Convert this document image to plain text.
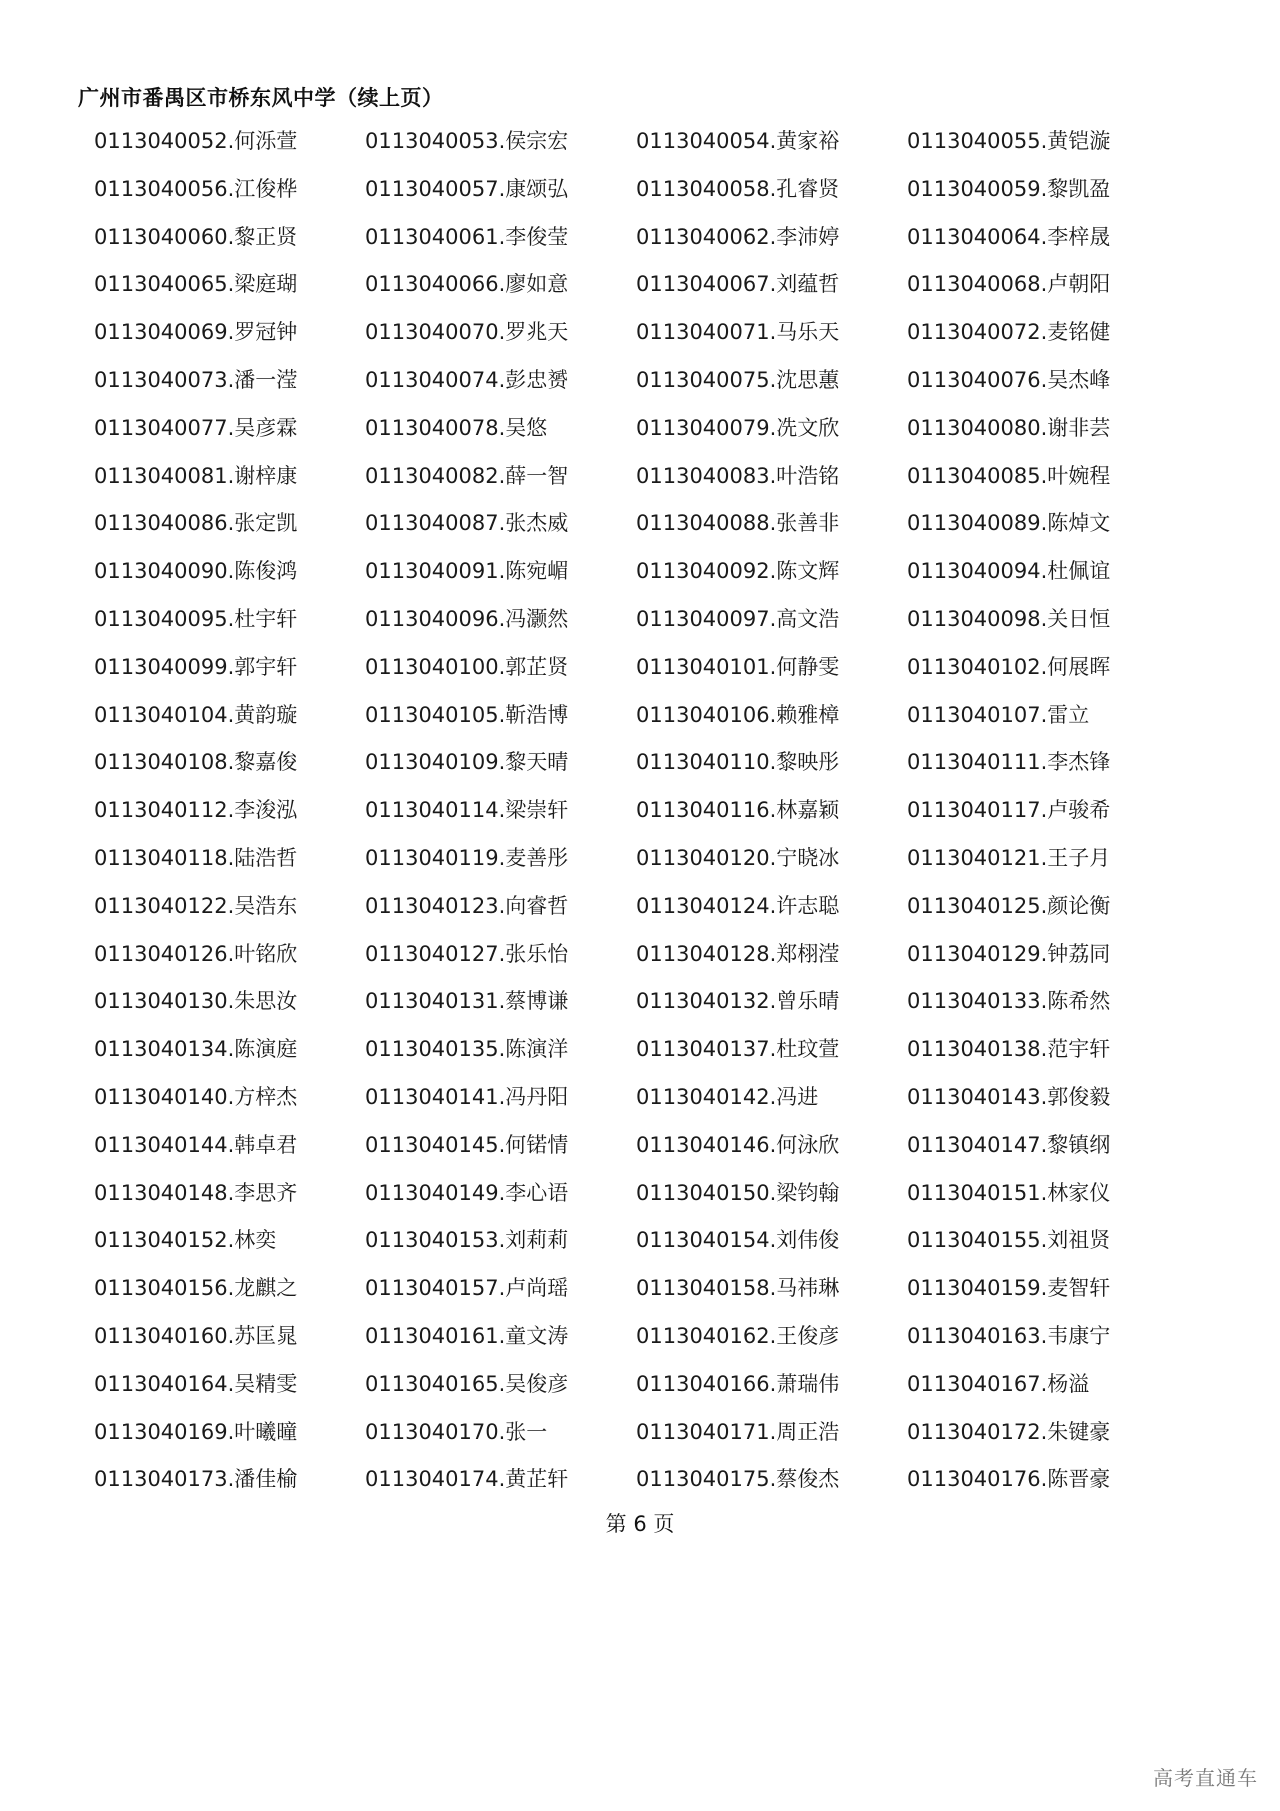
广州市番禺区市桥东风中学（续上页）
0113040052.何泺萱	0113040053.侯宗宏	0113040054.黄家裕	0113040055.黄铠漩
0113040056.江俊桦	0113040057.康颂弘	0113040058.孔睿贤	0113040059.黎凯盈
0113040060.黎正贤	0113040061.李俊莹	0113040062.李沛婷	0113040064.李梓晟
0113040065.梁庭瑚	0113040066.廖如意	0113040067.刘蕴哲	0113040068.卢朝阳
0113040069.罗冠钟	0113040070.罗兆天	0113040071.马乐天	0113040072.麦铭健
0113040073.潘一滢	0113040074.彭忠赟	0113040075.沈思蕙	0113040076.吴杰峰
0113040077.吴彦霖	0113040078.吴悠	0113040079.冼文欣	0113040080.谢非芸
0113040081.谢梓康	0113040082.薛一智	0113040083.叶浩铭	0113040085.叶婉程
0113040086.张定凯	0113040087.张杰威	0113040088.张善非	0113040089.陈焯文
0113040090.陈俊鸿	0113040091.陈宛嵋	0113040092.陈文辉	0113040094.杜佩谊
0113040095.杜宇轩	0113040096.冯灏然	0113040097.高文浩	0113040098.关日恒
0113040099.郭宇轩	0113040100.郭芷贤	0113040101.何静雯	0113040102.何展晖
0113040104.黄韵璇	0113040105.靳浩博	0113040106.赖雅樟	0113040107.雷立
0113040108.黎嘉俊	0113040109.黎天晴	0113040110.黎映彤	0113040111.李杰锋
0113040112.李浚泓	0113040114.梁崇轩	0113040116.林嘉颖	0113040117.卢骏希
0113040118.陆浩哲	0113040119.麦善彤	0113040120.宁晓冰	0113040121.王子月
0113040122.吴浩东	0113040123.向睿哲	0113040124.许志聪	0113040125.颜论衡
0113040126.叶铭欣	0113040127.张乐怡	0113040128.郑栩滢	0113040129.钟荔同
0113040130.朱思汝	0113040131.蔡博谦	0113040132.曾乐晴	0113040133.陈希然
0113040134.陈演庭	0113040135.陈演洋	0113040137.杜玟萱	0113040138.范宇轩
0113040140.方梓杰	0113040141.冯丹阳	0113040142.冯进	0113040143.郭俊毅
0113040144.韩卓君	0113040145.何锘情	0113040146.何泳欣	0113040147.黎镇纲
0113040148.李思齐	0113040149.李心语	0113040150.梁钧翰	0113040151.林家仪
0113040152.林奕	0113040153.刘莉莉	0113040154.刘伟俊	0113040155.刘祖贤
0113040156.龙麒之	0113040157.卢尚瑶	0113040158.马祎琳	0113040159.麦智轩
0113040160.苏匡晁	0113040161.童文涛	0113040162.王俊彦	0113040163.韦康宁
0113040164.吴精雯	0113040165.吴俊彦	0113040166.萧瑞伟	0113040167.杨溢
0113040169.叶曦曈	0113040170.张一	0113040171.周正浩	0113040172.朱键豪
0113040173.潘佳榆	0113040174.黄芷轩	0113040175.蔡俊杰	0113040176.陈晋豪
第 6 页
高考直通车
